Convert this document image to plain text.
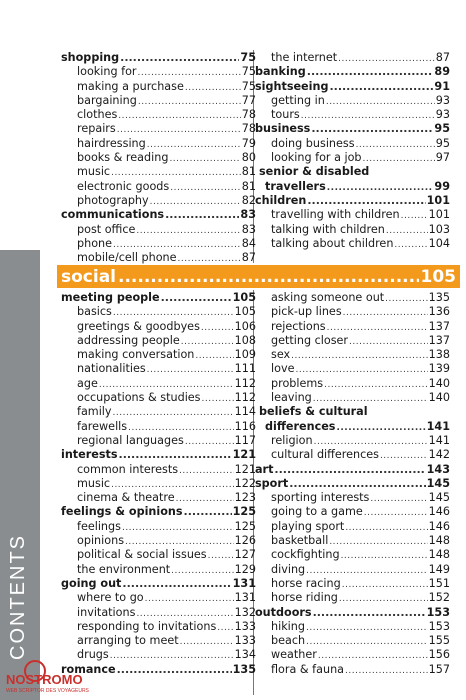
CONTENTS
NOSTROMO
WEB SCRIPTOR DES VOYAGEURS
shopping .....	75
looking for .....	75
making a purchase .....	75
bargaining .....	77
clothes .....	78
repairs .....	78
hairdressing .....	79
books & reading .....	80
music .....	81
electronic goods .....	81
photography .....	82
communications .....	83
post office .....	83
phone .....	84
mobile/cell phone .....	87
the internet .....	87
banking .....	89
sightseeing .....	91
getting in .....	93
tours .....	93
business .....	95
doing business .....	95
looking for a job .....	97
senior & disabled
travellers .....	99
children .....	101
travelling with children .....	101
talking with children .....	103
talking about children .....	104
social .....	105
meeting people .....	105
basics .....	105
greetings & goodbyes .....	106
addressing people .....	108
making conversation .....	109
nationalities .....	111
age .....	112
occupations & studies .....	112
family .....	114
farewells .....	116
regional languages .....	117
interests .....	121
common interests .....	121
music .....	122
cinema & theatre .....	123
feelings & opinions .....	125
feelings .....	125
opinions .....	126
political & social issues .....	127
the environment .....	129
going out .....	131
where to go .....	131
invitations .....	132
responding to invitations ..... 133
arranging to meet .....	133
drugs .....	134
romance .....	135
asking someone out .....	135
pick-up lines .....	136
rejections .....	137
getting closer .....	137
sex .....	138
love .....	139
problems .....	140
leaving .....	140
beliefs & cultural
differences .....	141
religion .....	141
cultural differences .....	142
art .....	143
sport .....	145
sporting interests .....	145
going to a game .....	146
playing sport .....	146
basketball .....	148
cockfighting .....	148
diving .....	149
horse racing .....	151
horse riding .....	152
outdoors .....	153
hiking .....	153
beach .....	155
weather .....	156
flora & fauna .....	157
